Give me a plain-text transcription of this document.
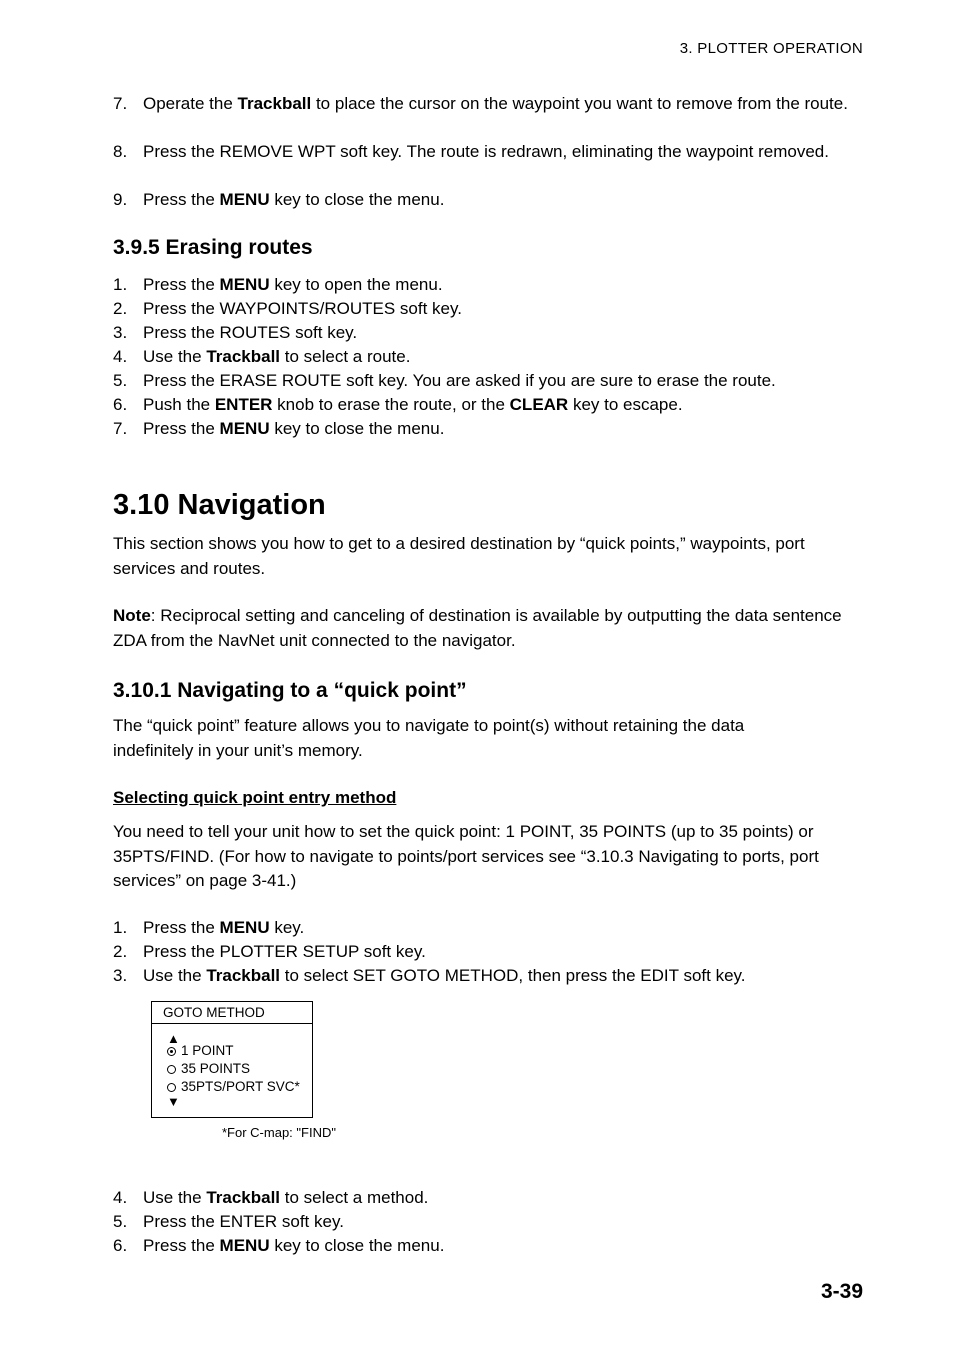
3. PLOTTER OPERATION
7. Operate the Trackball to place the cursor on the waypoint you want to remove from the route.
8. Press the REMOVE WPT soft key. The route is redrawn, eliminating the waypoint removed.
9. Press the MENU key to close the menu.
3.9.5 Erasing routes
1. Press the MENU key to open the menu.
2. Press the WAYPOINTS/ROUTES soft key.
3. Press the ROUTES soft key.
4. Use the Trackball to select a route.
5. Press the ERASE ROUTE soft key. You are asked if you are sure to erase the route.
6. Push the ENTER knob to erase the route, or the CLEAR key to escape.
7. Press the MENU key to close the menu.
3.10 Navigation
This section shows you how to get to a desired destination by “quick points,” waypoints, port services and routes.
Note: Reciprocal setting and canceling of destination is available by outputting the data sentence ZDA from the NavNet unit connected to the navigator.
3.10.1 Navigating to a “quick point”
The “quick point” feature allows you to navigate to point(s) without retaining the data indefinitely in your unit’s memory.
Selecting quick point entry method
You need to tell your unit how to set the quick point: 1 POINT, 35 POINTS (up to 35 points) or 35PTS/FIND. (For how to navigate to points/port services see “3.10.3 Navigating to ports, port services” on page 3-41.)
1. Press the MENU key.
2. Press the PLOTTER SETUP soft key.
3. Use the Trackball to select SET GOTO METHOD, then press the EDIT soft key.
GOTO METHOD
▲
1 POINT
35 POINTS
35PTS/PORT SVC*
▼
*For C-map: "FIND"
4. Use the Trackball to select a method.
5. Press the ENTER soft key.
6. Press the MENU key to close the menu.
3-39
